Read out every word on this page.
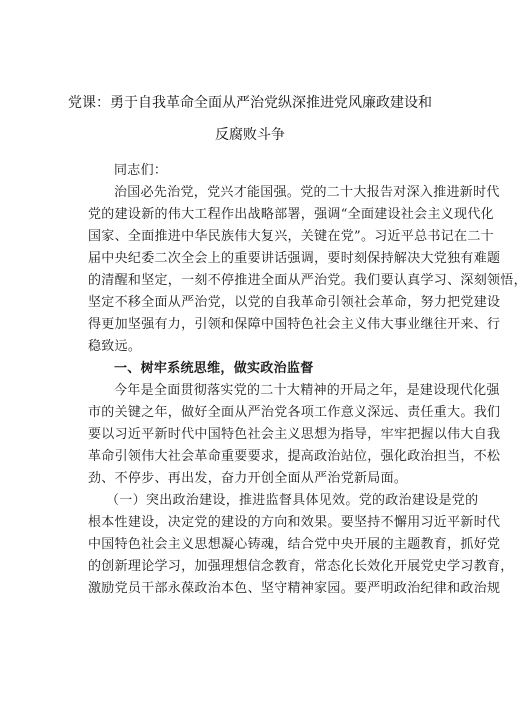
党课：勇于自我革命全面从严治党纵深推进党风廉政建设和
反腐败斗争
同志们：
治国必先治党，党兴才能国强。党的二十大报告对深入推进新时代
党的建设新的伟大工程作出战略部署，强调“全面建设社会主义现代化
国家、全面推进中华民族伟大复兴，关键在党”。习近平总书记在二十
届中央纪委二次全会上的重要讲话强调，要时刻保持解决大党独有难题
的清醒和坚定，一刻不停推进全面从严治党。我们要认真学习、深刻领悟，
坚定不移全面从严治党，以党的自我革命引领社会革命，努力把党建设
得更加坚强有力，引领和保障中国特色社会主义伟大事业继往开来、行
稳致远。
一、树牢系统思维，做实政治监督
今年是全面贯彻落实党的二十大精神的开局之年，是建设现代化强
市的关键之年，做好全面从严治党各项工作意义深远、责任重大。我们
要以习近平新时代中国特色社会主义思想为指导，牢牢把握以伟大自我
革命引领伟大社会革命重要要求，提高政治站位，强化政治担当，不松
劲、不停步、再出发，奋力开创全面从严治党新局面。
（一）突出政治建设，推进监督具体见效。党的政治建设是党的
根本性建设，决定党的建设的方向和效果。要坚持不懈用习近平新时代
中国特色社会主义思想凝心铸魂，结合党中央开展的主题教育，抓好党
的创新理论学习，加强理想信念教育，常态化长效化开展党史学习教育，
激励党员干部永葆政治本色、坚守精神家园。要严明政治纪律和政治规
